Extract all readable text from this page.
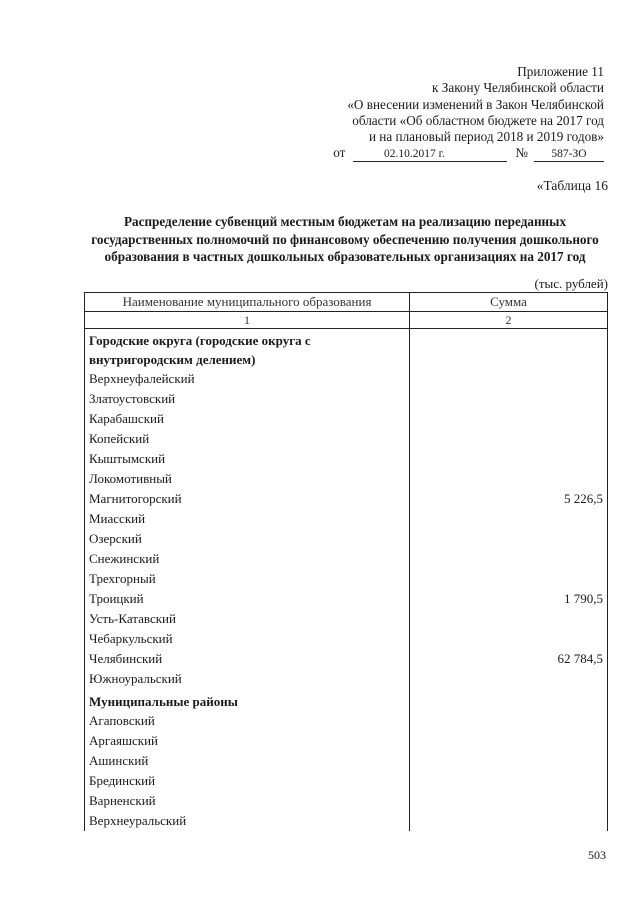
Приложение 11
к Закону Челябинской области
«О внесении изменений в Закон Челябинской
области «Об областном бюджете на 2017 год
и на плановый период 2018 и 2019 годов»
от	02.10.2017 г.	№	587-ЗО
«Таблица 16
Распределение субвенций местным бюджетам на реализацию переданных государственных полномочий по финансовому обеспечению получения дошкольного образования в частных дошкольных образовательных организациях на 2017 год
(тыс. рублей)
Наименование муниципального образования	Сумма
1	2
Городские округа (городские округа с внутригородским делением)	
Верхнеуфалейский	
Златоустовский	
Карабашский	
Копейский	
Кыштымский	
Локомотивный	
Магнитогорский	5 226,5
Миасский	
Озерский	
Снежинский	
Трехгорный	
Троицкий	1 790,5
Усть-Катавский	
Чебаркульский	
Челябинский	62 784,5
Южноуральский	
Муниципальные районы	
Агаповский	
Аргаяшский	
Ашинский	
Брединский	
Варненский	
Верхнеуральский	
503
